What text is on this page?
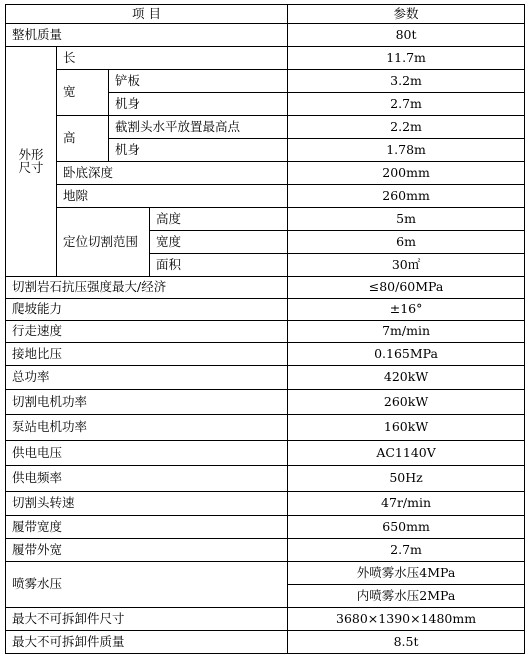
项 目				参数
整机质量				80t

外形
尺寸	长			11.7m
	宽	铲板		3.2m
		机身		2.7m
	高	截割头水平放置最高点		2.2m
		机身		1.78m
	卧底深度			200mm
	地隙			260mm
	定位切割范围		高度	5m
			宽度	6m
			面积	30㎡
切割岩石抗压强度最大/经济				≤80/60MPa
爬坡能力				±16°
行走速度				7m/min
接地比压				0.165MPa
总功率				420kW
切割电机功率				260kW
泵站电机功率				160kW
供电电压				AC1140V
供电频率				50Hz
切割头转速				47r/min
履带宽度				650mm
履带外宽				2.7m
喷雾水压				外喷雾水压4MPa
				内喷雾水压2MPa
最大不可拆卸件尺寸				3680×1390×1480mm
最大不可拆卸件质量				8.5t
